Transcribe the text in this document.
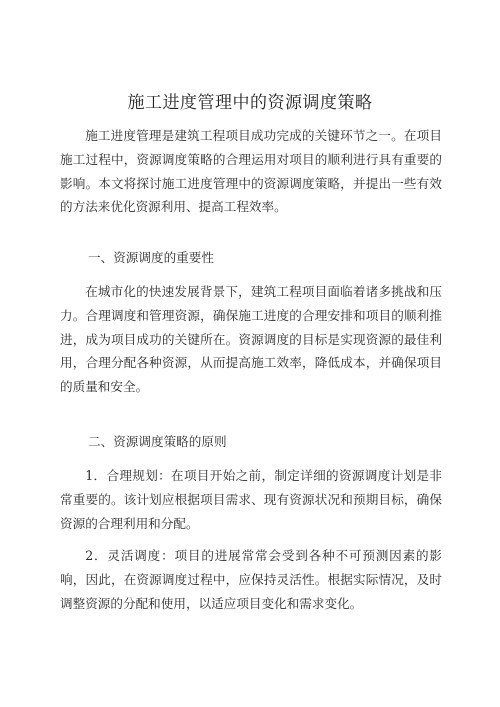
施工进度管理中的资源调度策略

施工进度管理是建筑工程项目成功完成的关键环节之一。在项目施工过程中，资源调度策略的合理运用对项目的顺利进行具有重要的影响。本文将探讨施工进度管理中的资源调度策略，并提出一些有效的方法来优化资源利用、提高工程效率。

一、资源调度的重要性

在城市化的快速发展背景下，建筑工程项目面临着诸多挑战和压力。合理调度和管理资源，确保施工进度的合理安排和项目的顺利推进，成为项目成功的关键所在。资源调度的目标是实现资源的最佳利用，合理分配各种资源，从而提高施工效率，降低成本，并确保项目的质量和安全。

二、资源调度策略的原则

1．合理规划：在项目开始之前，制定详细的资源调度计划是非常重要的。该计划应根据项目需求、现有资源状况和预期目标，确保资源的合理利用和分配。

2．灵活调度：项目的进展常常会受到各种不可预测因素的影响，因此，在资源调度过程中，应保持灵活性。根据实际情况，及时调整资源的分配和使用，以适应项目变化和需求变化。
